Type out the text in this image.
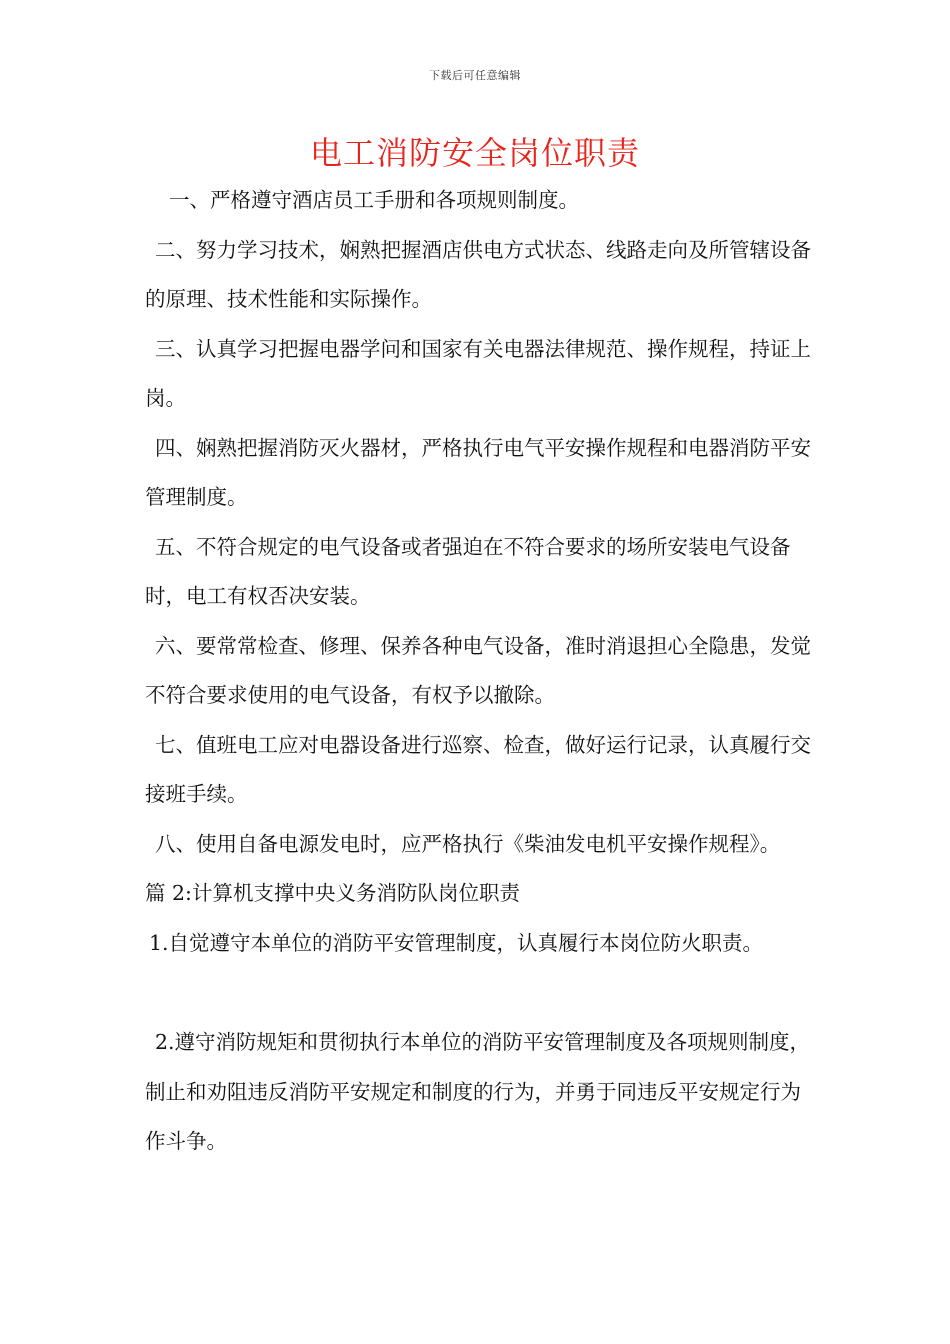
下载后可任意编辑
电工消防安全岗位职责

一、严格遵守酒店员工手册和各项规则制度。

二、努力学习技术，娴熟把握酒店供电方式状态、线路走向及所管辖设备的原理、技术性能和实际操作。

三、认真学习把握电器学问和国家有关电器法律规范、操作规程，持证上岗。

四、娴熟把握消防灭火器材，严格执行电气平安操作规程和电器消防平安管理制度。

五、不符合规定的电气设备或者强迫在不符合要求的场所安装电气设备时，电工有权否决安装。

六、要常常检查、修理、保养各种电气设备，准时消退担心全隐患，发觉不符合要求使用的电气设备，有权予以撤除。

七、值班电工应对电器设备进行巡察、检查，做好运行记录，认真履行交接班手续。

八、使用自备电源发电时，应严格执行《柴油发电机平安操作规程》。

篇 2:计算机支撑中央义务消防队岗位职责

1.自觉遵守本单位的消防平安管理制度，认真履行本岗位防火职责。

2.遵守消防规矩和贯彻执行本单位的消防平安管理制度及各项规则制度，制止和劝阻违反消防平安规定和制度的行为，并勇于同违反平安规定行为作斗争。
